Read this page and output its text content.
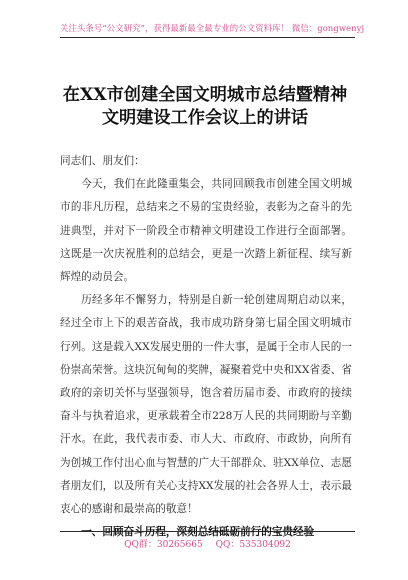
关注头条号“公文研究”，获得最新最全最专业的公文资料库！ 微信：gongwenyj
在XX市创建全国文明城市总结暨精神
文明建设工作会议上的讲话
同志们、朋友们：
今天，我们在此隆重集会，共同回顾我市创建全国文明城市的非凡历程，总结来之不易的宝贵经验，表彰为之奋斗的先进典型，并对下一阶段全市精神文明建设工作进行全面部署。这既是一次庆祝胜利的总结会，更是一次踏上新征程、续写新辉煌的动员会。
历经多年不懈努力，特别是自新一轮创建周期启动以来，经过全市上下的艰苦奋战，我市成功跻身第七届全国文明城市行列。这是载入XX发展史册的一件大事，是属于全市人民的一份崇高荣誉。这块沉甸甸的奖牌，凝聚着党中央和XX省委、省政府的亲切关怀与坚强领导，饱含着历届市委、市政府的接续奋斗与执着追求，更承载着全市228万人民的共同期盼与辛勤汗水。在此，我代表市委、市人大、市政府、市政协，向所有为创城工作付出心血与智慧的广大干部群众、驻XX单位、志愿者朋友们，以及所有关心支持XX发展的社会各界人士，表示最衷心的感谢和最崇高的敬意！
一、回顾奋斗历程，深刻总结砥砺前行的宝贵经验
QQ群：30265665 QQ：535304092
